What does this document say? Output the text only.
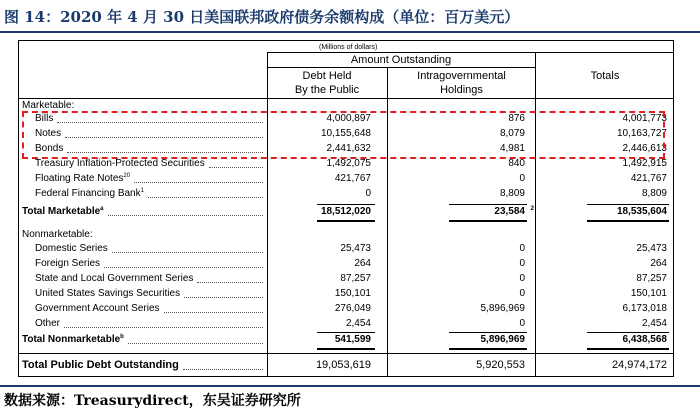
图 14：2020 年 4 月 30 日美国联邦政府债务余额构成（单位：百万美元）
(Millions of dollars)
Amount Outstanding
Debt Held
By the Public
Intragovernmental
Holdings
Totals
Marketable:
Bills	4,000,897	876	4,001,773
Notes	10,155,648	8,079	10,163,727
Bonds	2,441,632	4,981	2,446,613
Treasury Inflation-Protected Securities	1,492,075	840	1,492,915
Floating Rate Notes$^{20}$	421,767	0	421,767
Federal Financing Bank$^1$	0	8,809	8,809
Total Marketable$^a$	18,512,020	23,584 2	18,535,604
Nonmarketable:
Domestic Series	25,473	0	25,473
Foreign Series	264	0	264
State and Local Government Series	87,257	0	87,257
United States Savings Securities	150,101	0	150,101
Government Account Series	276,049	5,896,969	6,173,018
Other	2,454	0	2,454
Total Nonmarketable$^b$	541,599	5,896,969	6,438,568
Total Public Debt Outstanding	19,053,619	5,920,553	24,974,172
数据来源：Treasurydirect，东吴证券研究所
